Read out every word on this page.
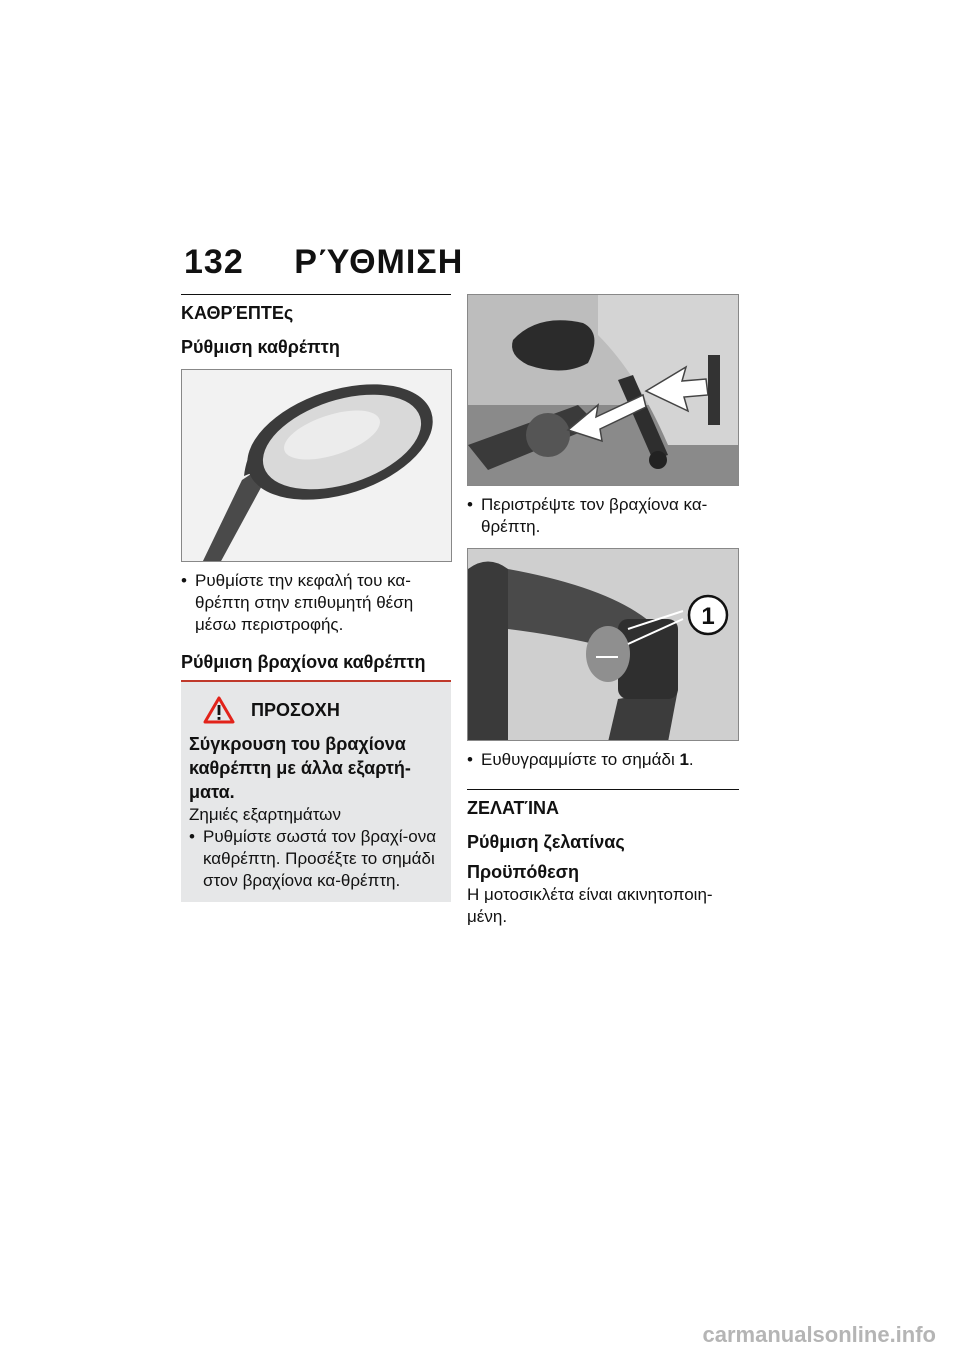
132 ΡΎΘΜΙΣΗ
ΚΑΘΡΈΠΤΕς
Ρύθμιση καθρέπτη
• Ρυθμίστε την κεφαλή του κα-θρέπτη στην επιθυμητή θέση μέσω περιστροφής.
Ρύθμιση βραχίονα καθρέπτη
ΠΡΟΣΟΧΗ
Σύγκρουση του βραχίονα καθρέπτη με άλλα εξαρτή-ματα.
Ζημιές εξαρτημάτων
• Ρυθμίστε σωστά τον βραχί-ονα καθρέπτη. Προσέξτε το σημάδι στον βραχίονα κα-θρέπτη.
• Περιστρέψτε τον βραχίονα κα-θρέπτη.
1
• Ευθυγραμμίστε το σημάδι 1.
ΖΕΛΑΤΊΝΑ
Ρύθμιση ζελατίνας
Προϋπόθεση
Η μοτοσικλέτα είναι ακινητοποιη-μένη.
carmanualsonline.info
